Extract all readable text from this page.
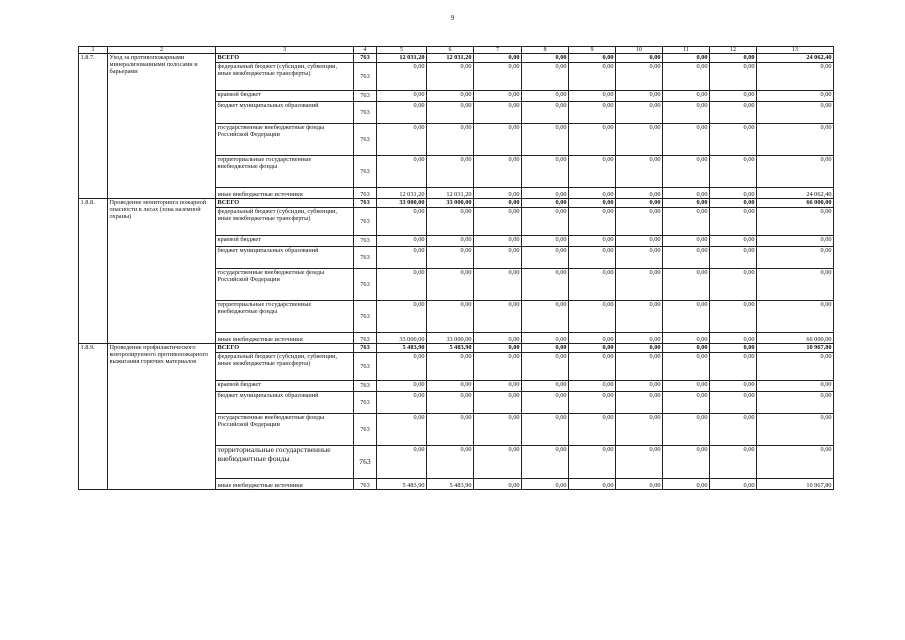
9
1	2	3	4	5	6	7	8	9	10	11	12	13
1.8.7.	Уход за противопожарными минерализованными полосами и барьерами	ВСЕГО	763	12 031,20	12 031,20	0,00	0,00	0,00	0,00	0,00	0,00	24 062,40
		федеральный бюджет (субсидии, субвенции, иные межбюджетные трансферты)	763	0,00	0,00	0,00	0,00	0,00	0,00	0,00	0,00	0,00
		краевой бюджет	763	0,00	0,00	0,00	0,00	0,00	0,00	0,00	0,00	0,00
		бюджет муниципальных образований	763	0,00	0,00	0,00	0,00	0,00	0,00	0,00	0,00	0,00
		государственные внебюджетные фонды Российской Федерации	763	0,00	0,00	0,00	0,00	0,00	0,00	0,00	0,00	0,00
		территориальные государственные внебюджетные фонды	763	0,00	0,00	0,00	0,00	0,00	0,00	0,00	0,00	0,00
		иные внебюджетные источники	763	12 031,20	12 031,20	0,00	0,00	0,00	0,00	0,00	0,00	24 062,40
1.8.8.	Проведение мониторинга пожарной опасности в лесах (зона наземной охраны)	ВСЕГО	763	33 000,00	33 000,00	0,00	0,00	0,00	0,00	0,00	0,00	66 000,00
		федеральный бюджет (субсидии, субвенции, иные межбюджетные трансферты)	763	0,00	0,00	0,00	0,00	0,00	0,00	0,00	0,00	0,00
		краевой бюджет	763	0,00	0,00	0,00	0,00	0,00	0,00	0,00	0,00	0,00
		бюджет муниципальных образований	763	0,00	0,00	0,00	0,00	0,00	0,00	0,00	0,00	0,00
		государственные внебюджетные фонды Российской Федерации	763	0,00	0,00	0,00	0,00	0,00	0,00	0,00	0,00	0,00
		территориальные государственные внебюджетные фонды	763	0,00	0,00	0,00	0,00	0,00	0,00	0,00	0,00	0,00
		иные внебюджетные источники	763	33 000,00	33 000,00	0,00	0,00	0,00	0,00	0,00	0,00	66 000,00
1.8.9.	Проведение профилактического контролируемого противопожарного выжигания горючих материалов	ВСЕГО	763	5 483,90	5 483,90	0,00	0,00	0,00	0,00	0,00	0,00	10 967,80
		федеральный бюджет (субсидии, субвенции, иные межбюджетные трансферты)	763	0,00	0,00	0,00	0,00	0,00	0,00	0,00	0,00	0,00
		краевой бюджет	763	0,00	0,00	0,00	0,00	0,00	0,00	0,00	0,00	0,00
		бюджет муниципальных образований	763	0,00	0,00	0,00	0,00	0,00	0,00	0,00	0,00	0,00
		государственные внебюджетные фонды Российской Федерации	763	0,00	0,00	0,00	0,00	0,00	0,00	0,00	0,00	0,00
		территориальные государственные внебюджетные фонды	763	0,00	0,00	0,00	0,00	0,00	0,00	0,00	0,00	0,00
		иные внебюджетные источники	763	5 483,90	5 483,90	0,00	0,00	0,00	0,00	0,00	0,00	10 967,80
